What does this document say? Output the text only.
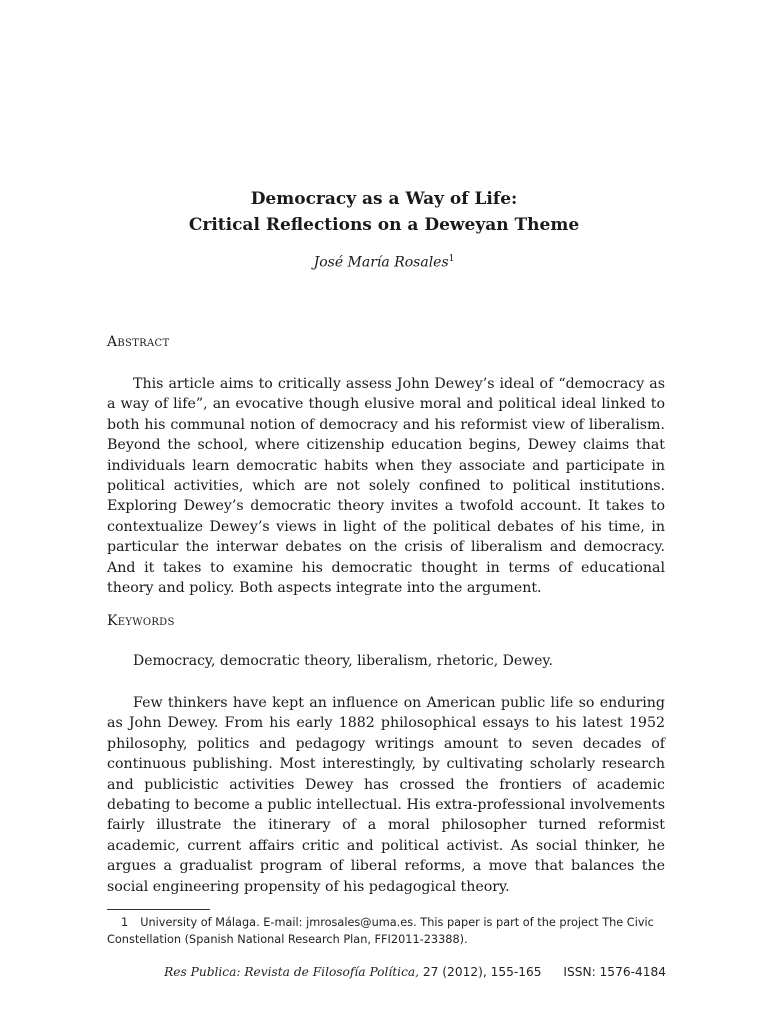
Democracy as a Way of Life:
Critical Reflections on a Deweyan Theme
José María Rosales$^1$
Abstract

This article aims to critically assess John Dewey’s ideal of “democracy as a way of life”, an evocative though elusive moral and political ideal linked to both his communal notion of democracy and his reformist view of liberalism. Beyond the school, where citizenship education begins, Dewey claims that individuals learn democratic habits when they associate and participate in political activities, which are not solely confined to political institutions. Exploring Dewey’s democratic theory invites a twofold account. It takes to contextualize Dewey’s views in light of the political debates of his time, in particular the interwar debates on the crisis of liberalism and democracy. And it takes to examine his democratic thought in terms of educational theory and policy. Both aspects integrate into the argument.

Keywords
Democracy, democratic theory, liberalism, rhetoric, Dewey.

Few thinkers have kept an influence on American public life so enduring as John Dewey. From his early 1882 philosophical essays to his latest 1952 philosophy, politics and pedagogy writings amount to seven decades of continuous publishing. Most interestingly, by cultivating scholarly research and publicistic activities Dewey has crossed the frontiers of academic debating to become a public intellectual. His extra-professional involvements fairly illustrate the itinerary of a moral philosopher turned reformist academic, current affairs critic and political activist. As social thinker, he argues a gradualist program of liberal reforms, a move that balances the social engineering propensity of his pedagogical theory.

1 University of Málaga. E-mail: jmrosales@uma.es. This paper is part of the project The Civic Constellation (Spanish National Research Plan, FFI2011-23388).
Res Publica: Revista de Filosofía Política, 27 (2012), 155-165 ISSN: 1576-4184
